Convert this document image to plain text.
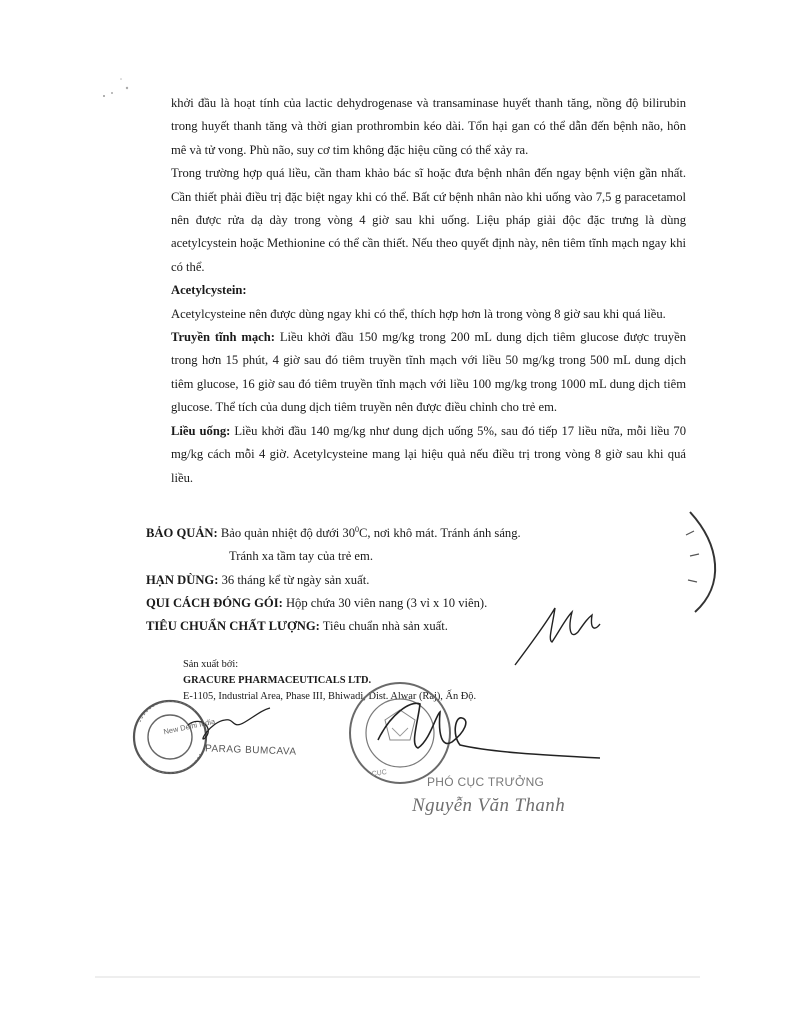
khởi đầu là hoạt tính của lactic dehydrogenase và transaminase huyết thanh tăng, nồng độ bilirubin trong huyết thanh tăng và thời gian prothrombin kéo dài. Tổn hại gan có thể dẫn đến bệnh não, hôn mê và tử vong. Phù não, suy cơ tim không đặc hiệu cũng có thể xảy ra.

Trong trường hợp quá liều, cần tham khảo bác sĩ hoặc đưa bệnh nhân đến ngay bệnh viện gần nhất. Cần thiết phải điều trị đặc biệt ngay khi có thể. Bất cứ bệnh nhân nào khi uống vào 7,5 g paracetamol nên được rửa dạ dày trong vòng 4 giờ sau khi uống. Liệu pháp giải độc đặc trưng là dùng acetylcystein hoặc Methionine có thể cần thiết. Nếu theo quyết định này, nên tiêm tĩnh mạch ngay khi có thể.

Acetylcystein:

Acetylcysteine nên được dùng ngay khi có thể, thích hợp hơn là trong vòng 8 giờ sau khi quá liều.

Truyền tĩnh mạch: Liều khởi đầu 150 mg/kg trong 200 mL dung dịch tiêm glucose được truyền trong hơn 15 phút, 4 giờ sau đó tiêm truyền tĩnh mạch với liều 50 mg/kg trong 500 mL dung dịch tiêm glucose, 16 giờ sau đó tiêm truyền tĩnh mạch với liều 100 mg/kg trong 1000 mL dung dịch tiêm glucose. Thể tích của dung dịch tiêm truyền nên được điều chỉnh cho trẻ em.

Liều uống: Liều khởi đầu 140 mg/kg như dung dịch uống 5%, sau đó tiếp 17 liều nữa, mỗi liều 70 mg/kg cách mỗi 4 giờ. Acetylcysteine mang lại hiệu quả nếu điều trị trong vòng 8 giờ sau khi quá liều.

BẢO QUẢN: Bảo quản nhiệt độ dưới $30^0C$, nơi khô mát. Tránh ánh sáng.

Tránh xa tầm tay của trẻ em.

HẠN DÙNG: 36 tháng kể từ ngày sản xuất.

QUI CÁCH ĐÓNG GÓI: Hộp chứa 30 viên nang (3 vỉ x 10 viên).

TIÊU CHUẨN CHẤT LƯỢNG: Tiêu chuẩn nhà sản xuất.

Sản xuất bởi:

GRACURE PHARMACEUTICALS LTD.

E-1105, Industrial Area, Phase III, Bhiwadi, Dist. Alwar (Raj), Ấn Độ.

CỤC
New Delhi India
PARAG BUMCAVA
PHÓ CỤC TRƯỞNG
Nguyễn Văn Thanh
